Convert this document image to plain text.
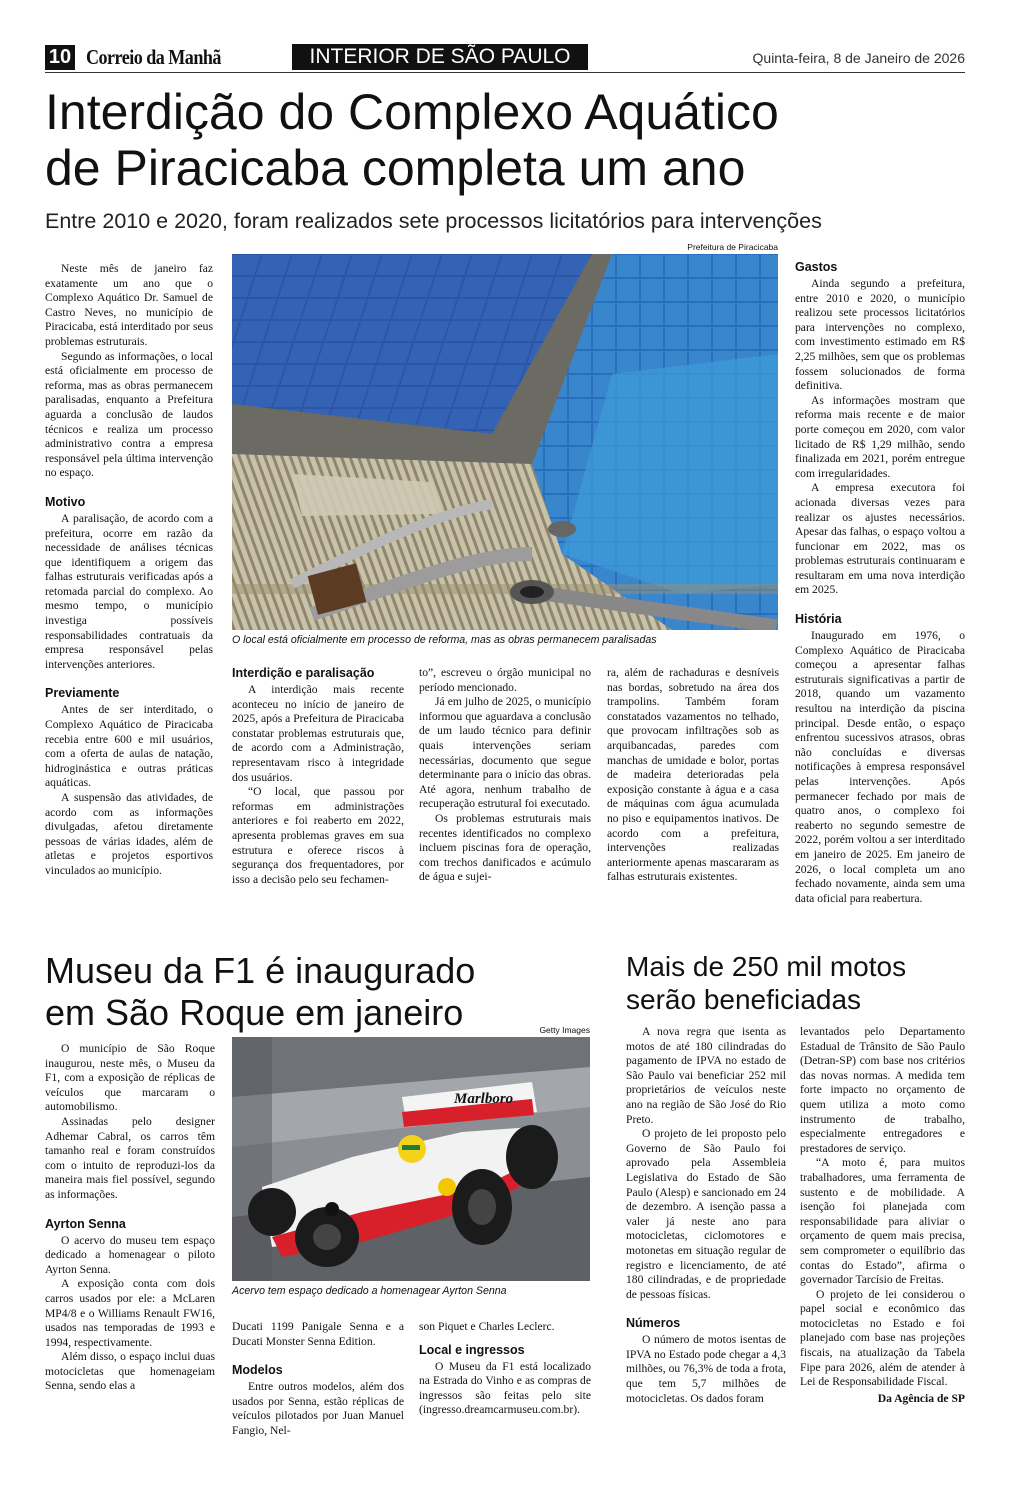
10 Correio da Manhã	INTERIOR DE SÃO PAULO	Quinta-feira, 8 de Janeiro de 2026
Interdição do Complexo Aquático
de Piracicaba completa um ano
Entre 2010 e 2020, foram realizados sete processos licitatórios para intervenções
Prefeitura de Piracicaba
O local está oficialmente em processo de reforma, mas as obras permanecem paralisadas

Neste mês de janeiro faz exatamente um ano que o Complexo Aquático Dr. Samuel de Castro Neves, no município de Piracicaba, está interditado por seus problemas estruturais.

Segundo as informações, o local está oficialmente em processo de reforma, mas as obras permanecem paralisadas, enquanto a Prefeitura aguarda a conclusão de laudos técnicos e realiza um processo administrativo contra a empresa responsável pela última intervenção no espaço.

Motivo

A paralisação, de acordo com a prefeitura, ocorre em razão da necessidade de análises técnicas que identifiquem a origem das falhas estruturais verificadas após a retomada parcial do complexo. Ao mesmo tempo, o município investiga possíveis responsabilidades contratuais da empresa responsável pelas intervenções anteriores.

Previamente

Antes de ser interditado, o Complexo Aquático de Piracicaba recebia entre 600 e mil usuários, com a oferta de aulas de natação, hidroginástica e outras práticas aquáticas.

A suspensão das atividades, de acordo com as informações divulgadas, afetou diretamente pessoas de várias idades, além de atletas e projetos esportivos vinculados ao município.

Interdição e paralisação

A interdição mais recente aconteceu no início de janeiro de 2025, após a Prefeitura de Piracicaba constatar problemas estruturais que, de acordo com a Administração, representavam risco à integridade dos usuários.

“O local, que passou por reformas em administrações anteriores e foi reaberto em 2022, apresenta problemas graves em sua estrutura e oferece riscos à segurança dos frequentadores, por isso a decisão pelo seu fechamen-

to”, escreveu o órgão municipal no período mencionado.

Já em julho de 2025, o município informou que aguardava a conclusão de um laudo técnico para definir quais intervenções seriam necessárias, documento que segue determinante para o início das obras. Até agora, nenhum trabalho de recuperação estrutural foi executado.

Os problemas estruturais mais recentes identificados no complexo incluem piscinas fora de operação, com trechos danificados e acúmulo de água e sujei-

ra, além de rachaduras e desníveis nas bordas, sobretudo na área dos trampolins. Também foram constatados vazamentos no telhado, que provocam infiltrações sob as arquibancadas, paredes com manchas de umidade e bolor, portas de madeira deterioradas pela exposição constante à água e a casa de máquinas com água acumulada no piso e equipamentos inativos. De acordo com a prefeitura, intervenções realizadas anteriormente apenas mascararam as falhas estruturais existentes.

Gastos

Ainda segundo a prefeitura, entre 2010 e 2020, o município realizou sete processos licitatórios para intervenções no complexo, com investimento estimado em R$ 2,25 milhões, sem que os problemas fossem solucionados de forma definitiva.

As informações mostram que reforma mais recente e de maior porte começou em 2020, com valor licitado de R$ 1,29 milhão, sendo finalizada em 2021, porém entregue com irregularidades.

A empresa executora foi acionada diversas vezes para realizar os ajustes necessários. Apesar das falhas, o espaço voltou a funcionar em 2022, mas os problemas estruturais continuaram e resultaram em uma nova interdição em 2025.

História

Inaugurado em 1976, o Complexo Aquático de Piracicaba começou a apresentar falhas estruturais significativas a partir de 2018, quando um vazamento resultou na interdição da piscina principal. Desde então, o espaço enfrentou sucessivos atrasos, obras não concluídas e diversas notificações à empresa responsável pelas intervenções. Após permanecer fechado por mais de quatro anos, o complexo foi reaberto no segundo semestre de 2022, porém voltou a ser interditado em janeiro de 2025. Em janeiro de 2026, o local completa um ano fechado novamente, ainda sem uma data oficial para reabertura.

Museu da F1 é inaugurado
em São Roque em janeiro

O município de São Roque inaugurou, neste mês, o Museu da F1, com a exposição de réplicas de veículos que marcaram o automobilismo.

Assinadas pelo designer Adhemar Cabral, os carros têm tamanho real e foram construídos com o intuito de reproduzi-los da maneira mais fiel possível, segundo as informações.

Ayrton Senna

O acervo do museu tem espaço dedicado a homenagear o piloto Ayrton Senna.

A exposição conta com dois carros usados por ele: a McLaren MP4/8 e o Williams Renault FW16, usados nas temporadas de 1993 e 1994, respectivamente.

Além disso, o espaço inclui duas motocicletas que homenageiam Senna, sendo elas a

Getty Images
Marlboro
Acervo tem espaço dedicado a homenagear Ayrton Senna

Ducati 1199 Panigale Senna e a Ducati Monster Senna Edition.

Modelos

Entre outros modelos, além dos usados por Senna, estão réplicas de veículos pilotados por Juan Manuel Fangio, Nel-

son Piquet e Charles Leclerc.

Local e ingressos

O Museu da F1 está localizado na Estrada do Vinho e as compras de ingressos são feitas pelo site (ingresso.dreamcarmuseu.com.br).

Mais de 250 mil motos
serão beneficiadas

A nova regra que isenta as motos de até 180 cilindradas do pagamento de IPVA no estado de São Paulo vai beneficiar 252 mil proprietários de veículos neste ano na região de São José do Rio Preto.

O projeto de lei proposto pelo Governo de São Paulo foi aprovado pela Assembleia Legislativa do Estado de São Paulo (Alesp) e sancionado em 24 de dezembro. A isenção passa a valer já neste ano para motocicletas, ciclomotores e motonetas em situação regular de registro e licenciamento, de até 180 cilindradas, e de propriedade de pessoas físicas.

Números

O número de motos isentas de IPVA no Estado pode chegar a 4,3 milhões, ou 76,3% de toda a frota, que tem 5,7 milhões de motocicletas. Os dados foram

levantados pelo Departamento Estadual de Trânsito de São Paulo (Detran-SP) com base nos critérios das novas normas. A medida tem forte impacto no orçamento de quem utiliza a moto como instrumento de trabalho, especialmente entregadores e prestadores de serviço.

“A moto é, para muitos trabalhadores, uma ferramenta de sustento e de mobilidade. A isenção foi planejada com responsabilidade para aliviar o orçamento de quem mais precisa, sem comprometer o equilíbrio das contas do Estado”, afirma o governador Tarcísio de Freitas.

O projeto de lei considerou o papel social e econômico das motocicletas no Estado e foi planejado com base nas projeções fiscais, na atualização da Tabela Fipe para 2026, além de atender à Lei de Responsabilidade Fiscal.

Da Agência de SP
